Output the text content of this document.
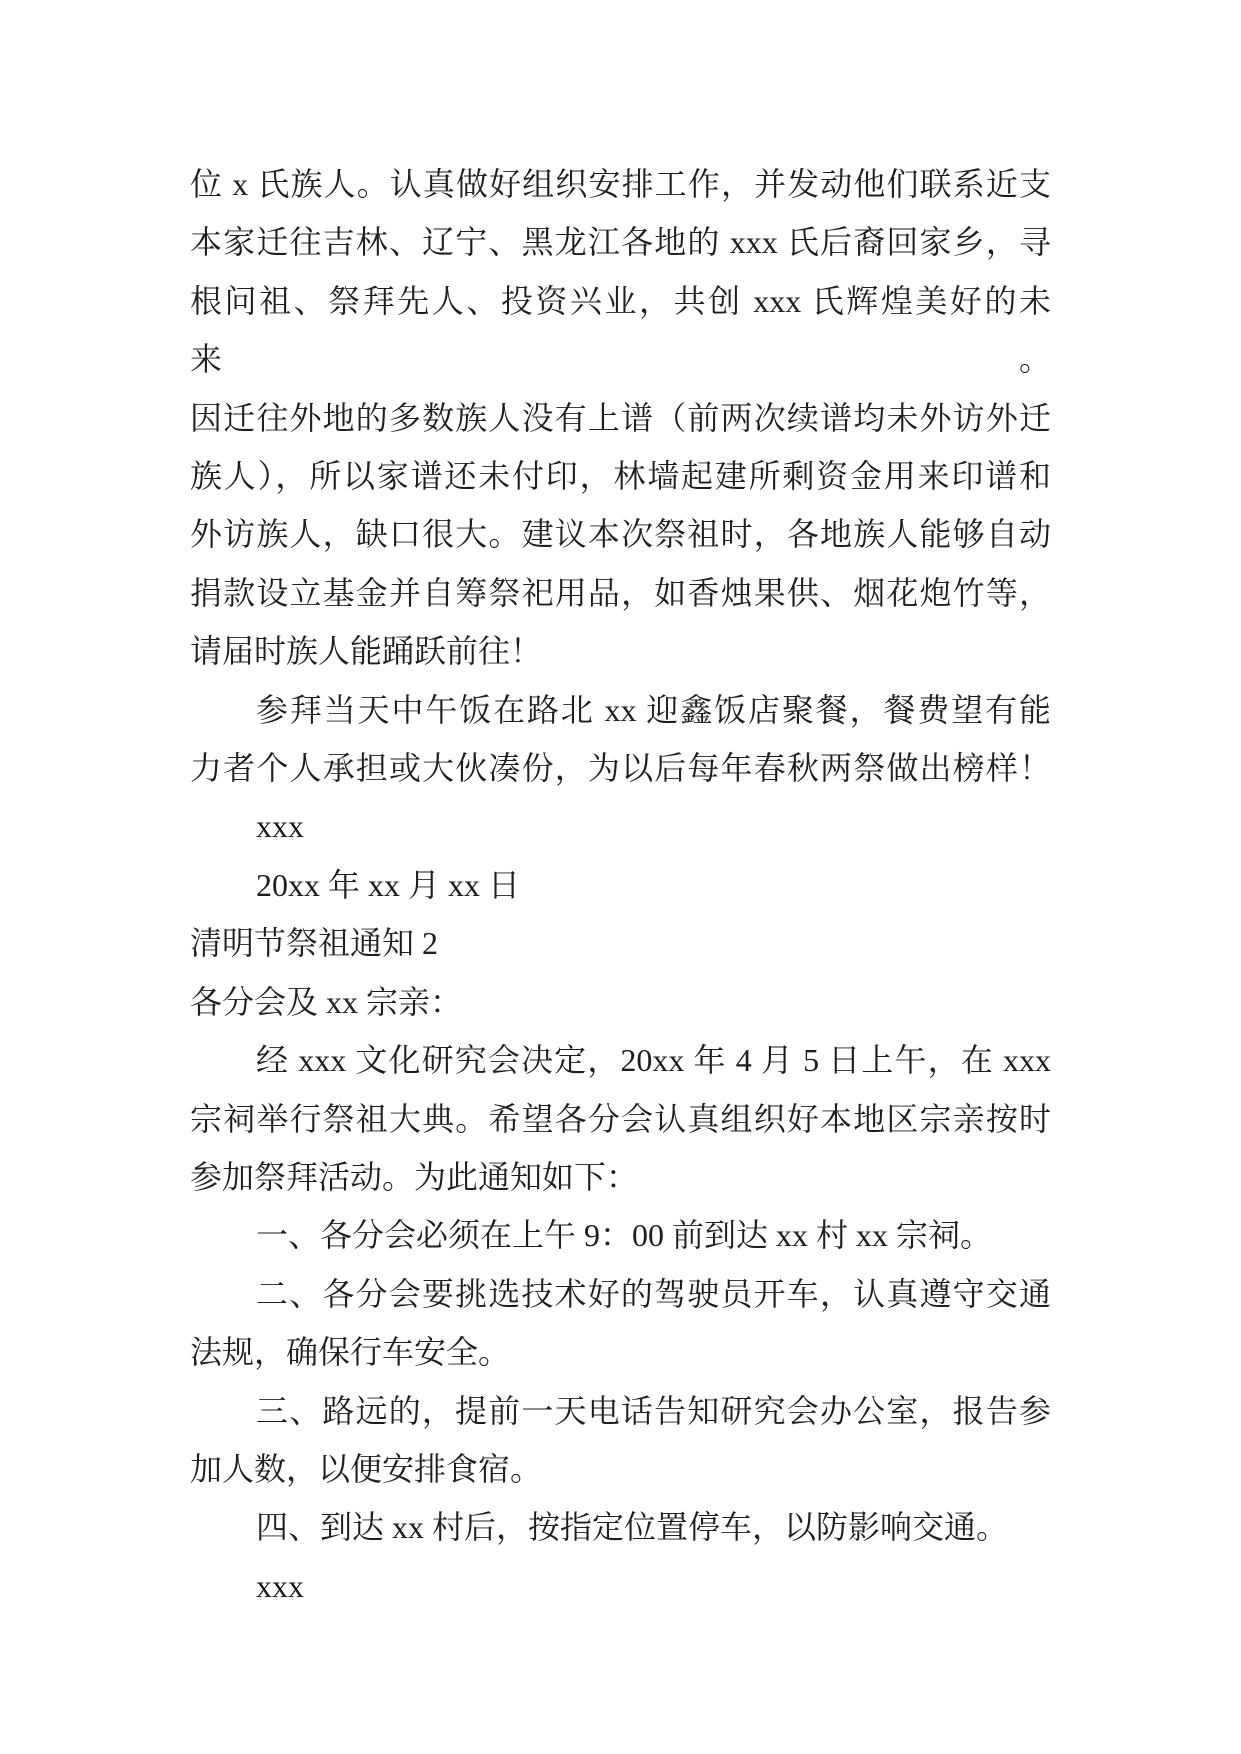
位 x 氏族人。认真做好组织安排工作，并发动他们联系近支
本家迁往吉林、辽宁、黑龙江各地的 xxx 氏后裔回家乡，寻
根问祖、祭拜先人、投资兴业，共创 xxx 氏辉煌美好的未来。
因迁往外地的多数族人没有上谱（前两次续谱均未外访外迁
族人），所以家谱还未付印，林墙起建所剩资金用来印谱和
外访族人，缺口很大。建议本次祭祖时，各地族人能够自动
捐款设立基金并自筹祭祀用品，如香烛果供、烟花炮竹等，
请届时族人能踊跃前往！
参拜当天中午饭在路北 xx 迎鑫饭店聚餐，餐费望有能
力者个人承担或大伙凑份，为以后每年春秋两祭做出榜样！
xxx
20xx 年 xx 月 xx 日
清明节祭祖通知 2
各分会及 xx 宗亲：
经 xxx 文化研究会决定，20xx 年 4 月 5 日上午，在 xxx
宗祠举行祭祖大典。希望各分会认真组织好本地区宗亲按时
参加祭拜活动。为此通知如下：
一、各分会必须在上午 9：00 前到达 xx 村 xx 宗祠。
二、各分会要挑选技术好的驾驶员开车，认真遵守交通
法规，确保行车安全。
三、路远的，提前一天电话告知研究会办公室，报告参
加人数，以便安排食宿。
四、到达 xx 村后，按指定位置停车，以防影响交通。
xxx
